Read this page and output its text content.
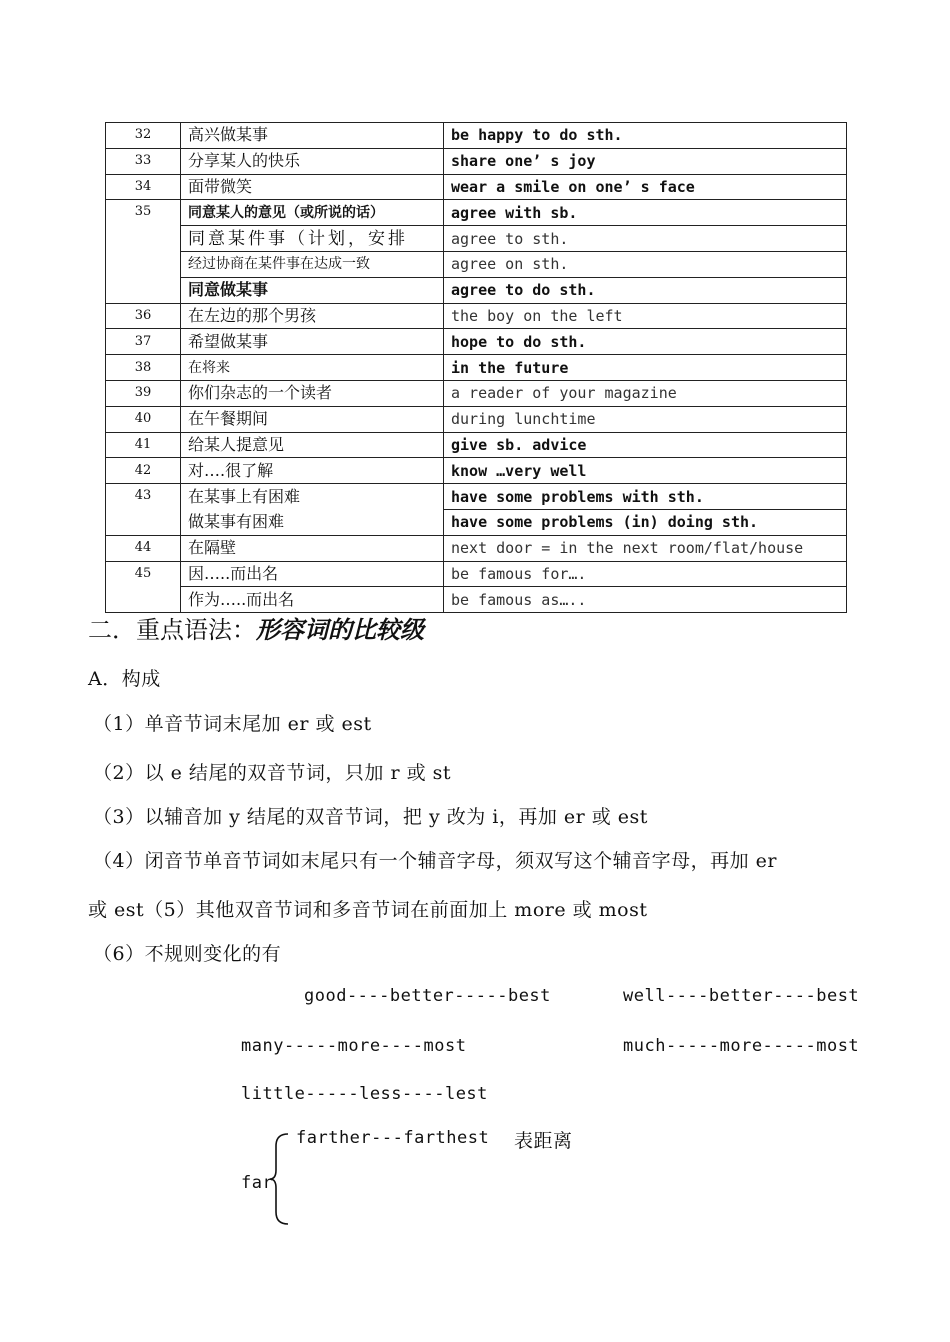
32	高兴做某事	be happy to do sth.
33	分享某人的快乐	share one’ s joy
34	面带微笑	wear a smile on one’ s face
35	同意某人的意见（或所说的话）	agree with sb.
	同意某件事（计划，安排	agree to sth.
	经过协商在某件事在达成一致	agree on sth.
	同意做某事	agree to do sth.
36	在左边的那个男孩	the boy on the left
37	希望做某事	hope to do sth.
38	在将来	in the future
39	你们杂志的一个读者	a reader of your magazine
40	在午餐期间	during lunchtime
41	给某人提意见	give sb. advice
42	对….很了解	know …very well
43	在某事上有困难	have some problems with sth.
	做某事有困难	have some problems (in) doing sth.
44	在隔壁	next door = in the next room/flat/house
45	因…..而出名	be famous for….
	作为…..而出名	be famous as…..
二．重点语法：形容词的比较级
A．构成
（1）单音节词末尾加 er 或 est
（2）以 e 结尾的双音节词，只加 r 或 st
（3）以辅音加 y 结尾的双音节词，把 y 改为 i，再加 er 或 est
（4）闭音节单音节词如末尾只有一个辅音字母，须双写这个辅音字母，再加 er
或 est（5）其他双音节词和多音节词在前面加上 more 或 most
（6）不规则变化的有
good----better-----best	well----better----best
many-----more----most	much-----more-----most
little-----less----lest
farther---farthest 表距离
far
